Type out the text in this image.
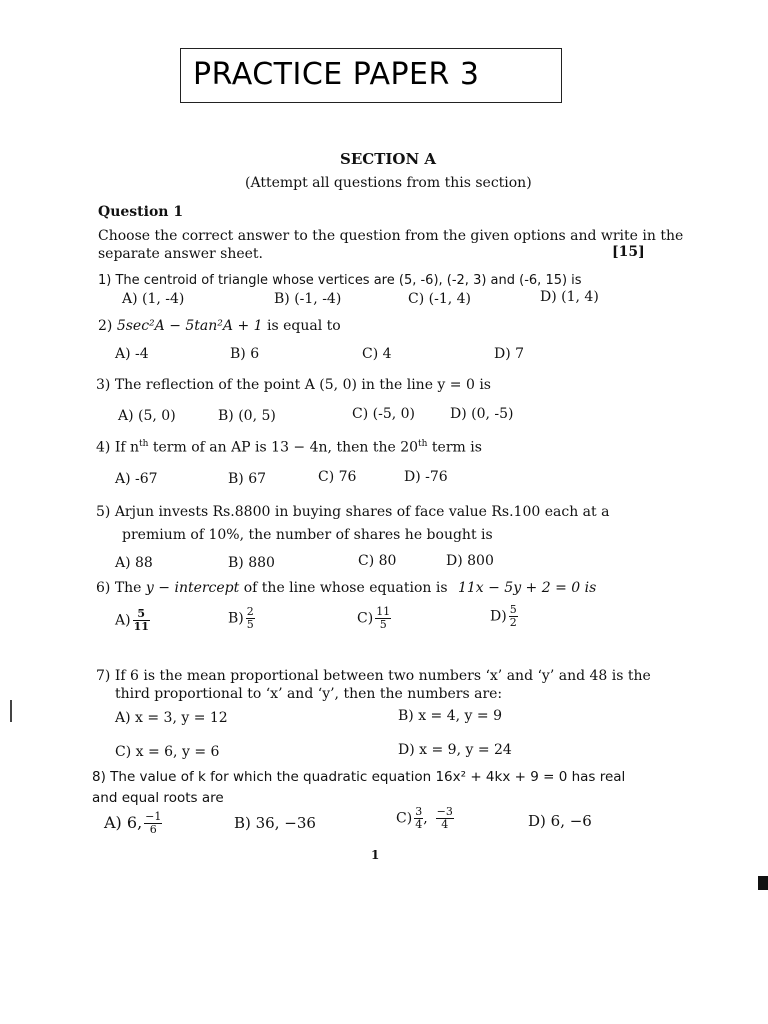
PRACTICE PAPER 3
SECTION A
(Attempt all questions from this section)
Question 1
Choose the correct answer to the question from the given options and write in the
separate answer sheet.	[15]
1) The centroid of triangle whose vertices are (5, -6), (-2, 3) and (-6, 15) is
A) (1, -4)	B) (-1, -4)	C) (-1, 4)	D) (1, 4)
2) 5sec²A − 5tan²A + 1 is equal to
A) -4	B) 6	C) 4	D) 7
3) The reflection of the point A (5, 0) in the line y = 0 is
A) (5, 0)	B) (0, 5)	C) (-5, 0)	D) (0, -5)
4) If $n^{th}$ term of an AP is 13 − 4n, then the 20th term is
A) -67	B) 67	C) 76	D) -76
5) Arjun invests Rs.8800 in buying shares of face value Rs.100 each at a
premium of 10%, the number of shares he bought is
A) 88	B) 880	C) 80	D) 800
6) The y − intercept of the line whose equation is 11x − 5y + 2 = 0 is
$A) \frac{5}{11}$	$B) \frac{2}{5}$	$C) \frac{11}{5}$	$D) \frac{5}{2}$
7) If 6 is the mean proportional between two numbers ‘x’ and ‘y’ and 48 is the
third proportional to ‘x’ and ‘y’, then the numbers are:
A) x = 3, y = 12	B) x = 4, y = 9
C) x = 6, y = 6	D) x = 9, y = 24
8) The value of k for which the quadratic equation 16x² + 4kx + 9 = 0 has real
and equal roots are
A) 6, $\frac{-1}{6}$	B) 36, −36	$C) \frac{3}{4}$ , $\frac{-3}{4}$	D) 6, −6
1
